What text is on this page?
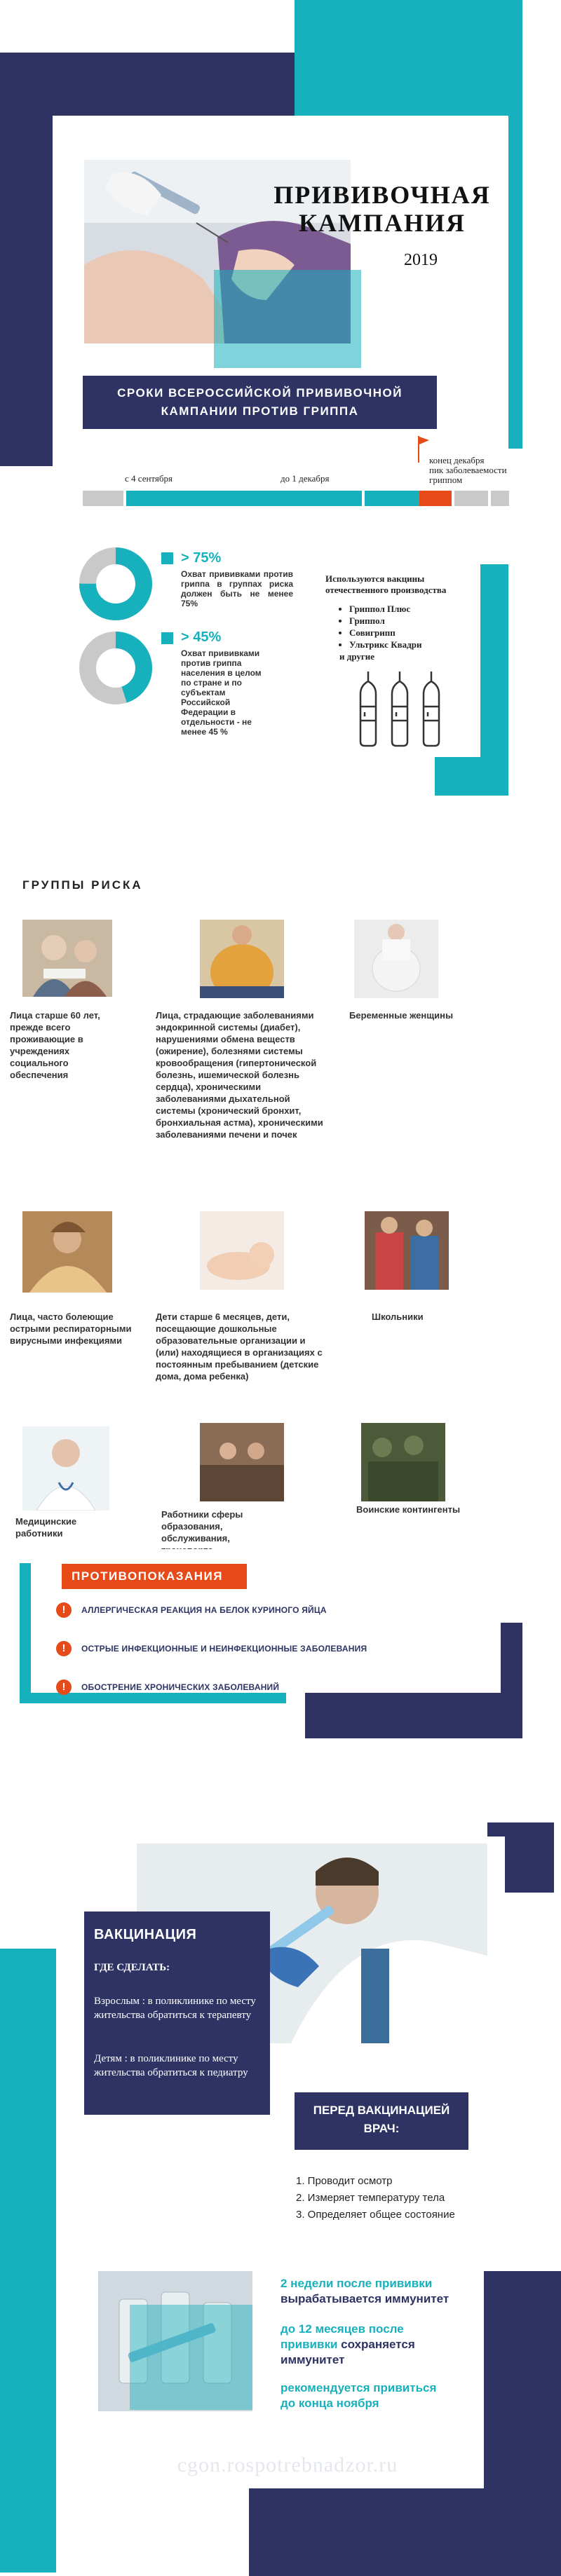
ПРИВИВОЧНАЯ
КАМПАНИЯ
2019
СРОКИ ВСЕРОССИЙСКОЙ ПРИВИВОЧНОЙ
КАМПАНИИ ПРОТИВ ГРИППА
с 4 сентября	до 1 декабря
конец декабря
пик заболеваемости
гриппом
> 75%
Охват прививками против гриппа в группах риска должен быть не менее 75%
> 45%
Охват прививками против гриппа населения в целом по стране и по субъектам Российской Федерации в отдельности - не менее 45 %
Используются вакцины отечественного производства
• Гриппол Плюс
• Гриппол
• Совигрипп
• Ультрикс Квадри
и другие
ГРУППЫ РИСКА
Лица старше 60 лет, прежде всего проживающие в учреждениях социального обеспечения
Лица, страдающие заболеваниями эндокринной системы (диабет), нарушениями обмена веществ (ожирение), болезнями системы кровообращения (гипертонической болезнь, ишемической болезнь сердца), хроническими заболеваниями дыхательной системы (хронический бронхит, бронхиальная астма), хроническими заболеваниями печени и почек
Беременные женщины
Лица, часто болеющие острыми респираторными вирусными инфекциями
Дети старше 6 месяцев, дети, посещающие дошкольные образовательные организации и (или) находящиеся в организациях с постоянным пребыванием (детские дома, дома ребенка)
Школьники
Медицинские работники
Работники сферы образования, обслуживания,
Воинские контингенты
ПРОТИВОПОКАЗАНИЯ
!	АЛЛЕРГИЧЕСКАЯ РЕАКЦИЯ НА БЕЛОК КУРИНОГО ЯЙЦА
!	ОСТРЫЕ ИНФЕКЦИОННЫЕ И НЕИНФЕКЦИОННЫЕ ЗАБОЛЕВАНИЯ
!	ОБОСТРЕНИЕ ХРОНИЧЕСКИХ ЗАБОЛЕВАНИЙ
ВАКЦИНАЦИЯ
ГДЕ СДЕЛАТЬ:
Взрослым : в поликлинике по месту жительства обратиться к терапевту
Детям : в поликлинике по месту жительства обратиться к педиатру
ПЕРЕД ВАКЦИНАЦИЕЙ
ВРАЧ:
1. Проводит осмотр
2. Измеряет температуру тела
3. Определяет общее состояние
2 недели после прививки
вырабатывается иммунитет
до 12 месяцев после
прививки сохраняется
иммунитет
рекомендуется привиться
до конца ноября
cgon.rospotrebnadzor.ru
